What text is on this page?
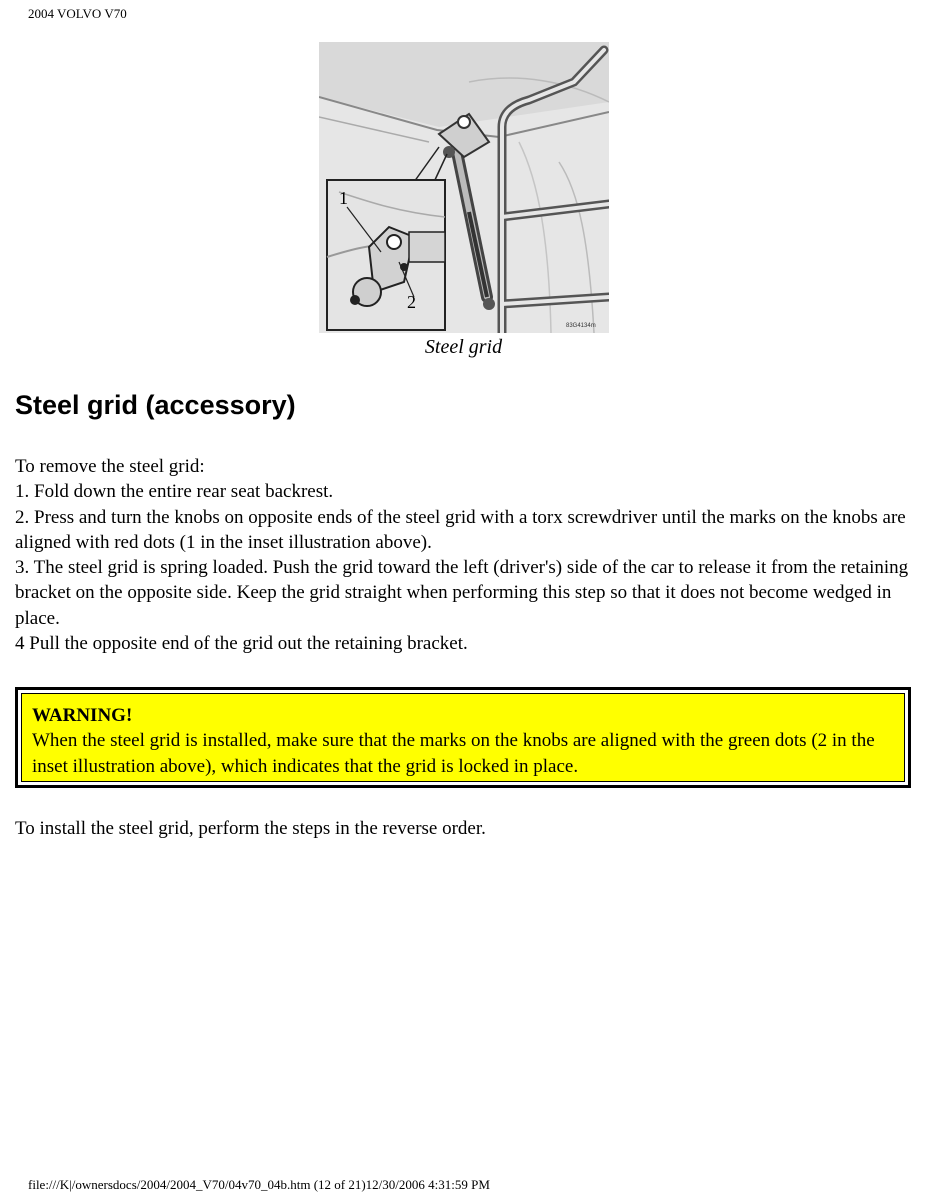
2004 VOLVO V70
1
2
83G4134m
Steel grid
Steel grid (accessory)

To remove the steel grid:

1. Fold down the entire rear seat backrest.

2. Press and turn the knobs on opposite ends of the steel grid with a torx screwdriver until the marks on the knobs are aligned with red dots (1 in the inset illustration above).

3. The steel grid is spring loaded. Push the grid toward the left (driver's) side of the car to release it from the retaining bracket on the opposite side. Keep the grid straight when performing this step so that it does not become wedged in place.

4 Pull the opposite end of the grid out the retaining bracket.

WARNING!
When the steel grid is installed, make sure that the marks on the knobs are aligned with the green dots (2 in the inset illustration above), which indicates that the grid is locked in place.
To install the steel grid, perform the steps in the reverse order.
file:///K|/ownersdocs/2004/2004_V70/04v70_04b.htm (12 of 21)12/30/2006 4:31:59 PM
